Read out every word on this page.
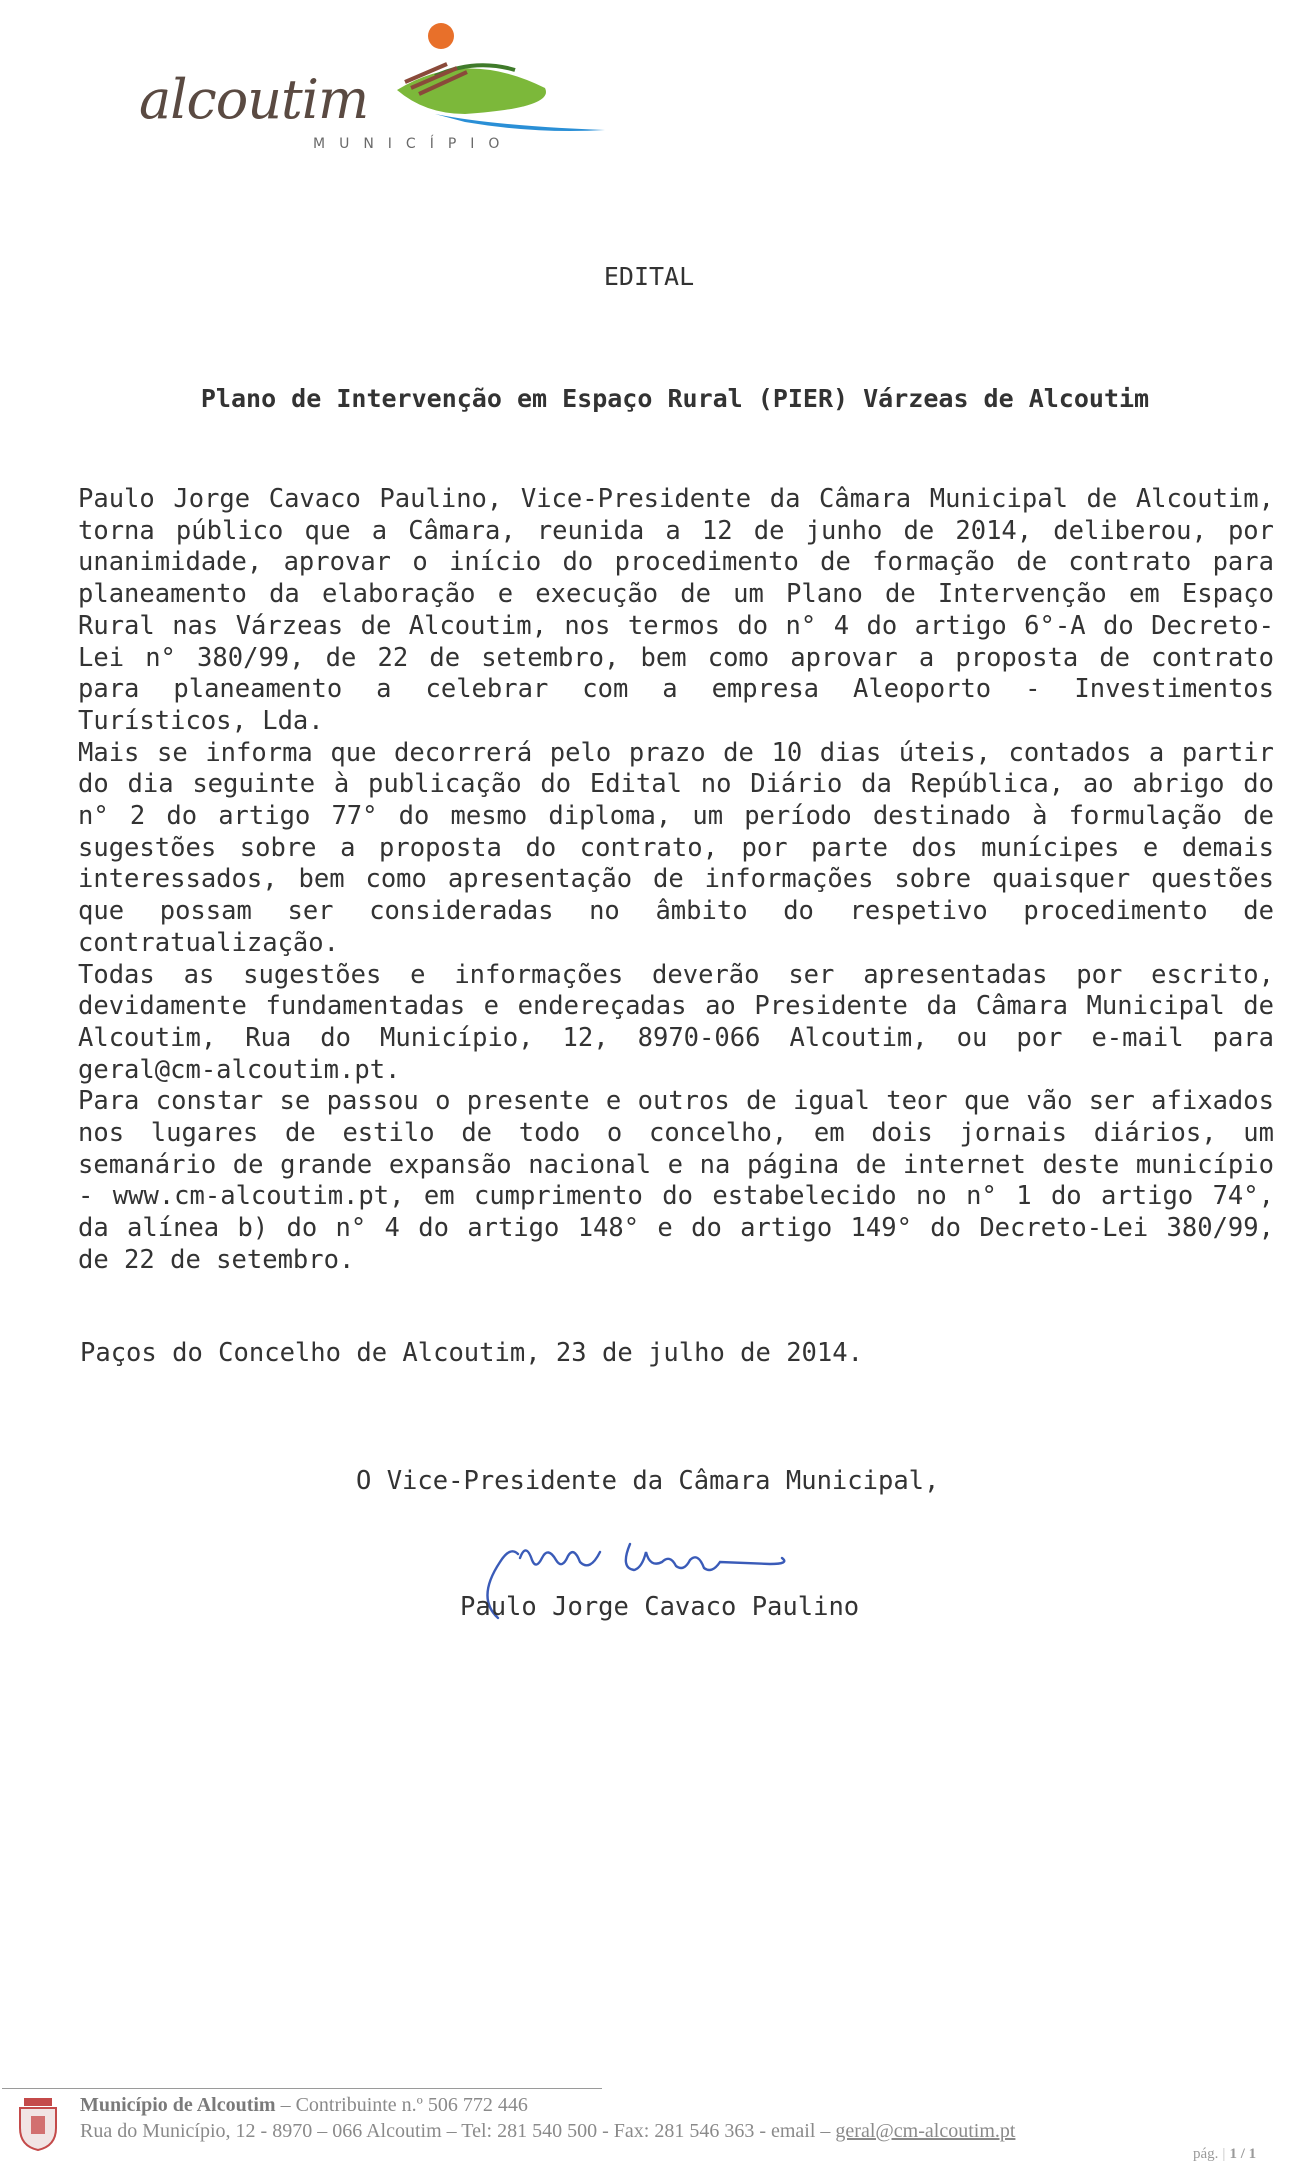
alcoutim
MUNICÍPIO
EDITAL
Plano de Intervenção em Espaço Rural (PIER) Várzeas de Alcoutim

Paulo Jorge Cavaco Paulino, Vice-Presidente da Câmara Municipal de Alcoutim, torna público que a Câmara, reunida a 12 de junho de 2014, deliberou, por unanimidade, aprovar o início do procedimento de formação de contrato para planeamento da elaboração e execução de um Plano de Intervenção em Espaço Rural nas Várzeas de Alcoutim, nos termos do n° 4 do artigo 6°-A do Decreto-Lei n° 380/99, de 22 de setembro, bem como aprovar a proposta de contrato para planeamento a celebrar com a empresa Aleoporto - Investimentos Turísticos, Lda.

Mais se informa que decorrerá pelo prazo de 10 dias úteis, contados a partir do dia seguinte à publicação do Edital no Diário da República, ao abrigo do n° 2 do artigo 77° do mesmo diploma, um período destinado à formulação de sugestões sobre a proposta do contrato, por parte dos munícipes e demais interessados, bem como apresentação de informações sobre quaisquer questões que possam ser consideradas no âmbito do respetivo procedimento de contratualização.

Todas as sugestões e informações deverão ser apresentadas por escrito, devidamente fundamentadas e endereçadas ao Presidente da Câmara Municipal de Alcoutim, Rua do Município, 12, 8970-066 Alcoutim, ou por e-mail para geral@cm-alcoutim.pt.

Para constar se passou o presente e outros de igual teor que vão ser afixados nos lugares de estilo de todo o concelho, em dois jornais diários, um semanário de grande expansão nacional e na página de internet deste município - www.cm-alcoutim.pt, em cumprimento do estabelecido no n° 1 do artigo 74°, da alínea b) do n° 4 do artigo 148° e do artigo 149° do Decreto-Lei 380/99, de 22 de setembro.

Paços do Concelho de Alcoutim, 23 de julho de 2014.
O Vice-Presidente da Câmara Municipal,
Paulo Jorge Cavaco Paulino
Município de Alcoutim – Contribuinte n.º 506 772 446
Rua do Município, 12 - 8970 – 066 Alcoutim – Tel: 281 540 500 - Fax: 281 546 363 - email – geral@cm-alcoutim.pt
pág. | 1 / 1
